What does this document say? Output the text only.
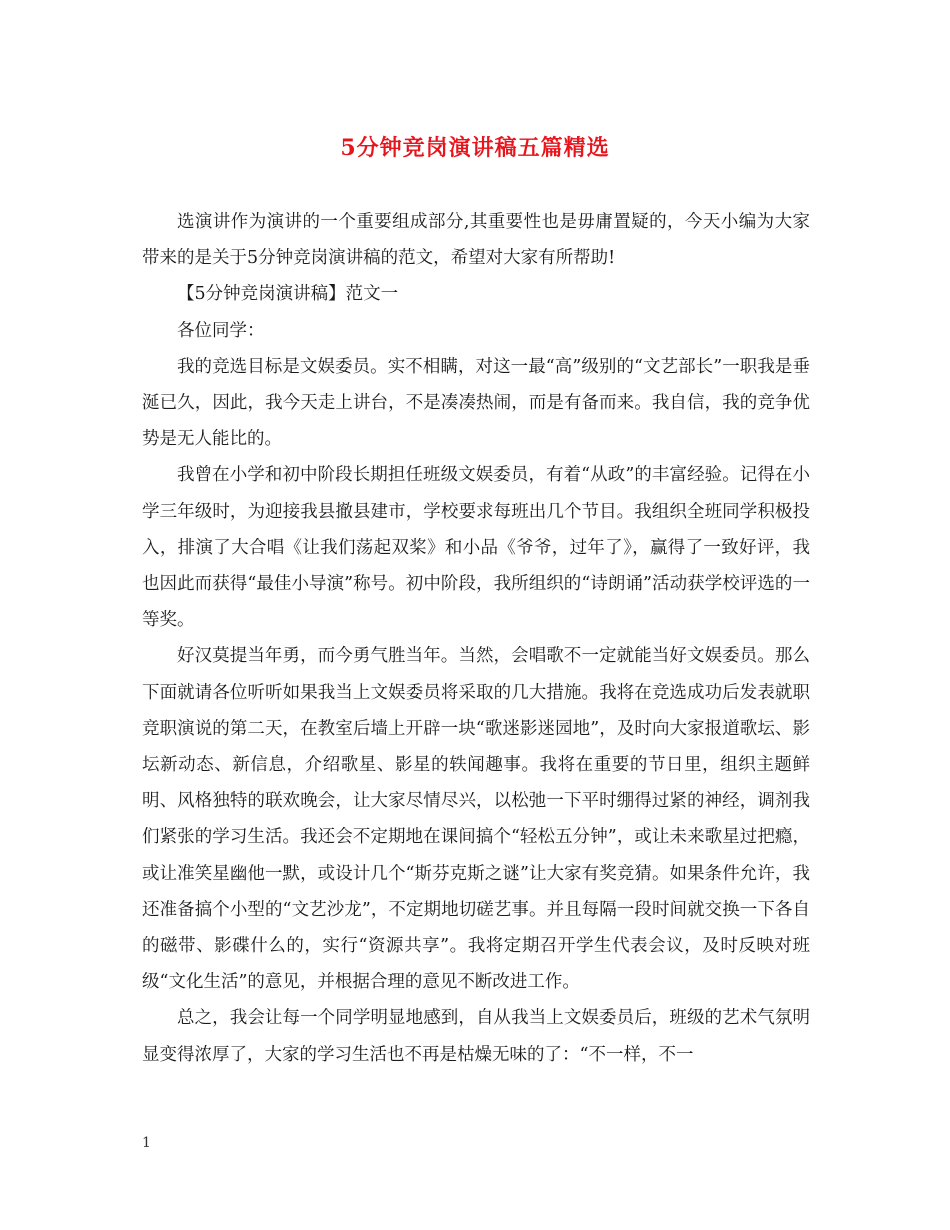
5分钟竞岗演讲稿五篇精选

选演讲作为演讲的一个重要组成部分,其重要性也是毋庸置疑的，今天小编为大家带来的是关于5分钟竞岗演讲稿的范文，希望对大家有所帮助!

【5分钟竞岗演讲稿】范文一

各位同学：

我的竞选目标是文娱委员。实不相瞒，对这一最“高”级别的“文艺部长”一职我是垂涎已久，因此，我今天走上讲台，不是凑凑热闹，而是有备而来。我自信，我的竞争优势是无人能比的。

我曾在小学和初中阶段长期担任班级文娱委员，有着“从政”的丰富经验。记得在小学三年级时，为迎接我县撤县建市，学校要求每班出几个节目。我组织全班同学积极投入，排演了大合唱《让我们荡起双桨》和小品《爷爷，过年了》，赢得了一致好评，我也因此而获得“最佳小导演”称号。初中阶段，我所组织的“诗朗诵”活动获学校评选的一等奖。

好汉莫提当年勇，而今勇气胜当年。当然，会唱歌不一定就能当好文娱委员。那么下面就请各位听听如果我当上文娱委员将采取的几大措施。我将在竞选成功后发表就职竞职演说的第二天，在教室后墙上开辟一块“歌迷影迷园地”，及时向大家报道歌坛、影坛新动态、新信息，介绍歌星、影星的轶闻趣事。我将在重要的节日里，组织主题鲜明、风格独特的联欢晚会，让大家尽情尽兴，以松弛一下平时绷得过紧的神经，调剂我们紧张的学习生活。我还会不定期地在课间搞个“轻松五分钟”，或让未来歌星过把瘾，或让准笑星幽他一默，或设计几个“斯芬克斯之谜”让大家有奖竞猜。如果条件允许，我还准备搞个小型的“文艺沙龙”，不定期地切磋艺事。并且每隔一段时间就交换一下各自的磁带、影碟什么的，实行“资源共享”。我将定期召开学生代表会议，及时反映对班级“文化生活”的意见，并根据合理的意见不断改进工作。

总之，我会让每一个同学明显地感到，自从我当上文娱委员后，班级的艺术气氛明显变得浓厚了，大家的学习生活也不再是枯燥无味的了：“不一样，不一

1
